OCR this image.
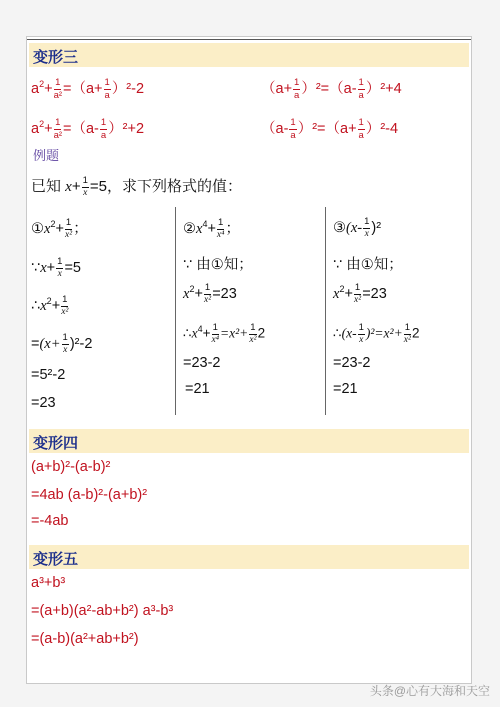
变形三
$a^2+ \frac{1}{\text{a²}} =(a+ \frac{1}{a} )^2-2$	$(a+ \frac{1}{a} )^2=(a- \frac{1}{a} )^2+4$
$a^2+ \frac{1}{\text{a²}} =(a- \frac{1}{a} )^2+2$	$(a- \frac{1}{a} )^2=(a+ \frac{1}{a} )^2-4$
例题
已知 $x+ \frac{1}{x} =5$，求下列格式的值：
$①x^2+ \frac{1}{\text{x²}}$ ；
∵x+ $\frac{1}{x} =5$
$\therefore x^2+ \frac{1}{\text{x²}}$
$=(x+ \frac{1}{x} )^2-2$
=5²-2
=23
$②x^4+ \frac{1}{\text{x⁴}}$ ；
∵ 由①知；
$x^2+ \frac{1}{\text{x²}} =23$
$\therefore x^4+ \frac{1}{\text{x⁴}} =x^2+ \frac{1}{\text{x²}} 2$
=23-2
=21
③(x- $\frac{1}{x} )^2$
∵ 由①知；
$x^2+ \frac{1}{\text{x²}} =23$
∴(x- $\frac{1}{x} )^2=x^2+ \frac{1}{\text{x²}} 2$
=23-2
=21
变形四
(a+b)²-(a-b)²
=4ab (a-b)²-(a+b)²
=-4ab
变形五
a³+b³
=(a+b)(a²-ab+b²) a³-b³
=(a-b)(a²+ab+b²)
头条@心有大海和天空
